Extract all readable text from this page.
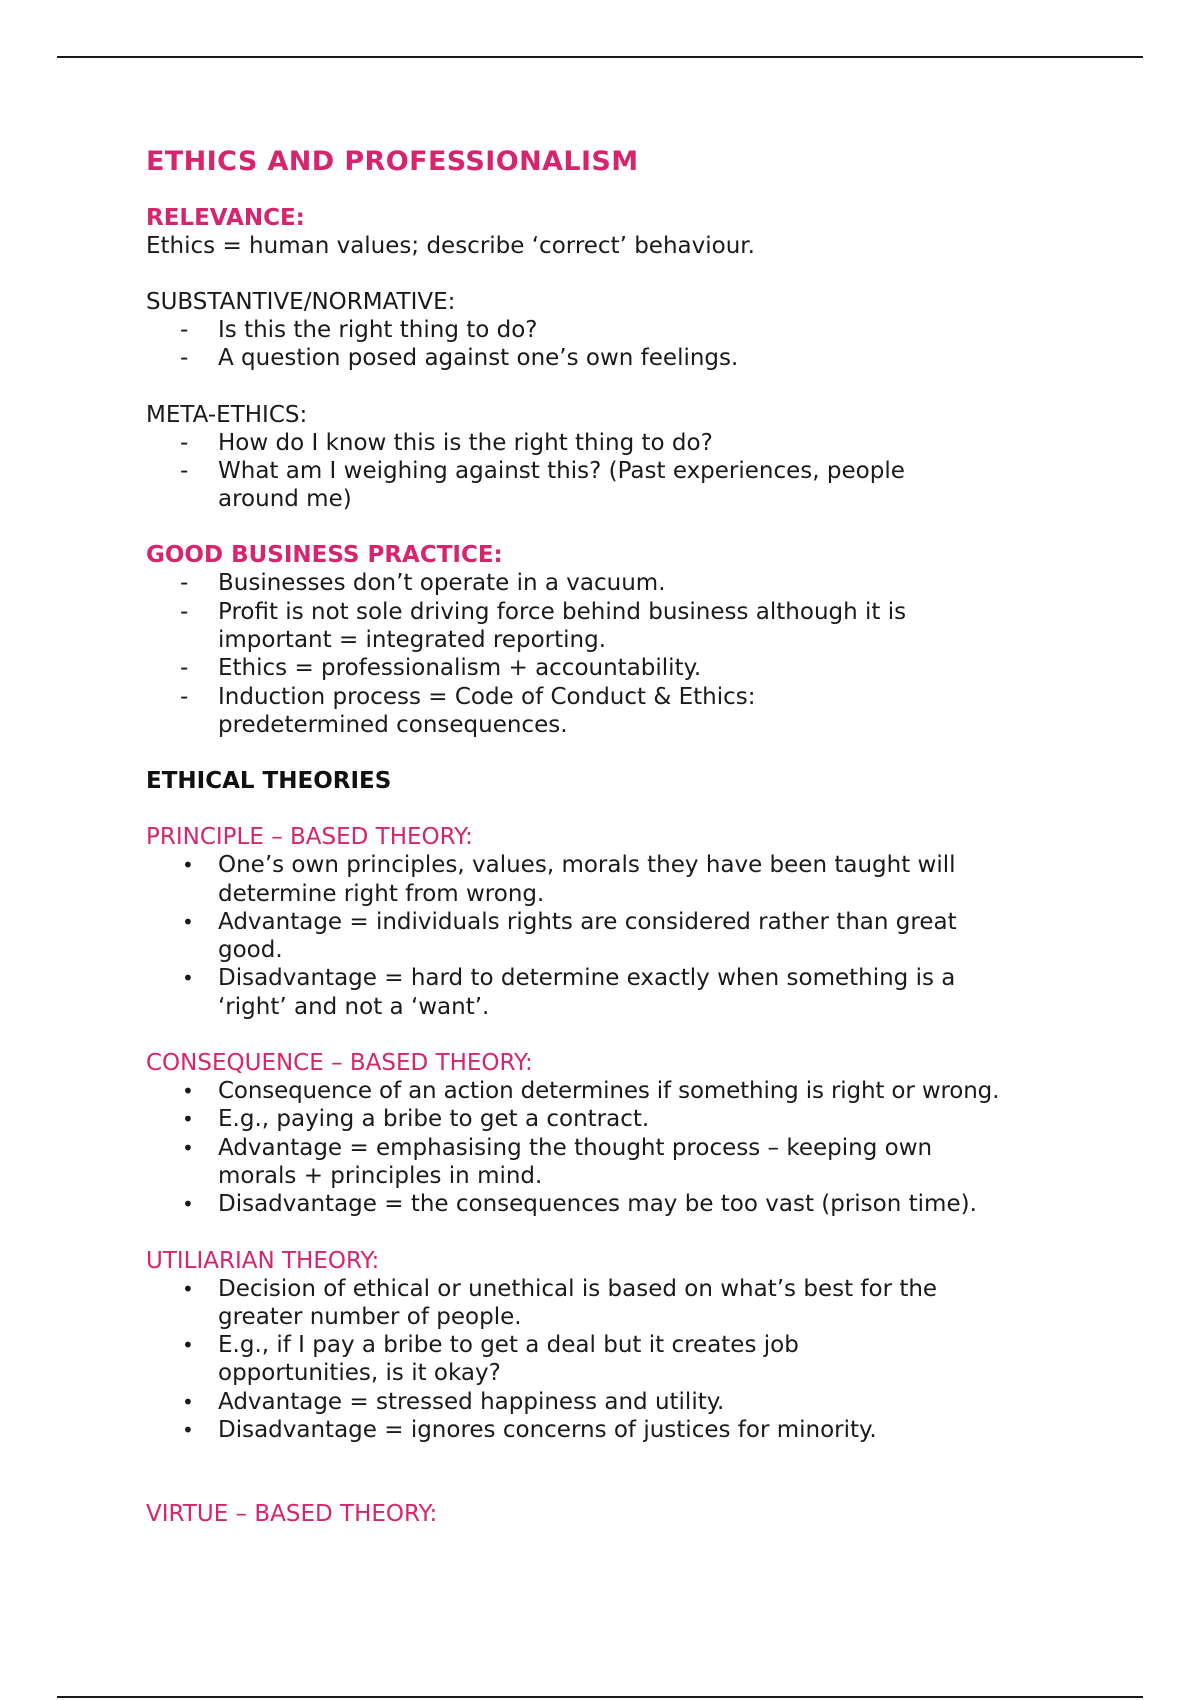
ETHICS AND PROFESSIONALISM
RELEVANCE:
Ethics = human values; describe ‘correct’ behaviour.
SUBSTANTIVE/NORMATIVE:
- Is this the right thing to do?
- A question posed against one’s own feelings.
META-ETHICS:
- How do I know this is the right thing to do?
- What am I weighing against this? (Past experiences, people around me)
GOOD BUSINESS PRACTICE:
- Businesses don’t operate in a vacuum.
- Profit is not sole driving force behind business although it is important = integrated reporting.
- Ethics = professionalism + accountability.
- Induction process = Code of Conduct & Ethics: predetermined consequences.
ETHICAL THEORIES
PRINCIPLE – BASED THEORY:
• One’s own principles, values, morals they have been taught will determine right from wrong.
• Advantage = individuals rights are considered rather than great good.
• Disadvantage = hard to determine exactly when something is a ‘right’ and not a ‘want’.
CONSEQUENCE – BASED THEORY:
• Consequence of an action determines if something is right or wrong.
• E.g., paying a bribe to get a contract.
• Advantage = emphasising the thought process – keeping own morals + principles in mind.
• Disadvantage = the consequences may be too vast (prison time).
UTILIARIAN THEORY:
• Decision of ethical or unethical is based on what’s best for the greater number of people.
• E.g., if I pay a bribe to get a deal but it creates job opportunities, is it okay?
• Advantage = stressed happiness and utility.
• Disadvantage = ignores concerns of justices for minority.
VIRTUE – BASED THEORY:
